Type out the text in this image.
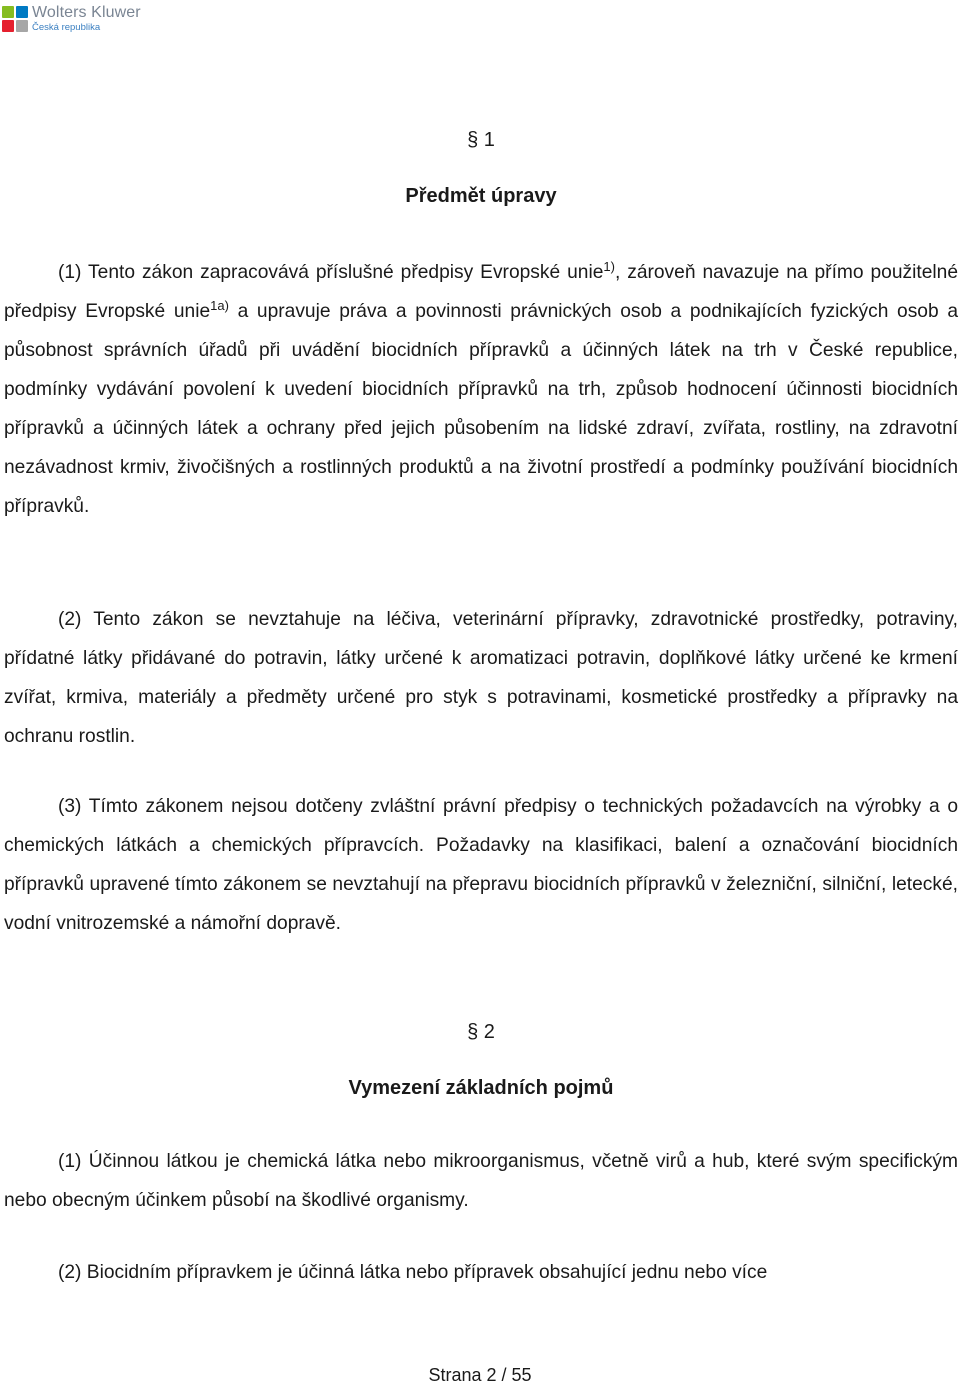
Wolters Kluwer
Česká republika
§ 1
Předmět úpravy

(1) Tento zákon zapracovává příslušné předpisy Evropské unie$^{1)}$, zároveň navazuje na přímo použitelné předpisy Evropské unie$^{1a)}$ a upravuje práva a povinnosti právnických osob a podnikajících fyzických osob a působnost správních úřadů při uvádění biocidních přípravků a účinných látek na trh v České republice, podmínky vydávání povolení k uvedení biocidních přípravků na trh, způsob hodnocení účinnosti biocidních přípravků a účinných látek a ochrany před jejich působením na lidské zdraví, zvířata, rostliny, na zdravotní nezávadnost krmiv, živočišných a rostlinných produktů a na životní prostředí a podmínky používání biocidních přípravků.

(2) Tento zákon se nevztahuje na léčiva, veterinární přípravky, zdravotnické prostředky, potraviny, přídatné látky přidávané do potravin, látky určené k aromatizaci potravin, doplňkové látky určené ke krmení zvířat, krmiva, materiály a předměty určené pro styk s potravinami, kosmetické prostředky a přípravky na ochranu rostlin.

(3) Tímto zákonem nejsou dotčeny zvláštní právní předpisy o technických požadavcích na výrobky a o chemických látkách a chemických přípravcích. Požadavky na klasifikaci, balení a označování biocidních přípravků upravené tímto zákonem se nevztahují na přepravu biocidních přípravků v železniční, silniční, letecké, vodní vnitrozemské a námořní dopravě.

§ 2
Vymezení základních pojmů

(1) Účinnou látkou je chemická látka nebo mikroorganismus, včetně virů a hub, které svým specifickým nebo obecným účinkem působí na škodlivé organismy.

(2) Biocidním přípravkem je účinná látka nebo přípravek obsahující jednu nebo více

Strana 2 / 55
